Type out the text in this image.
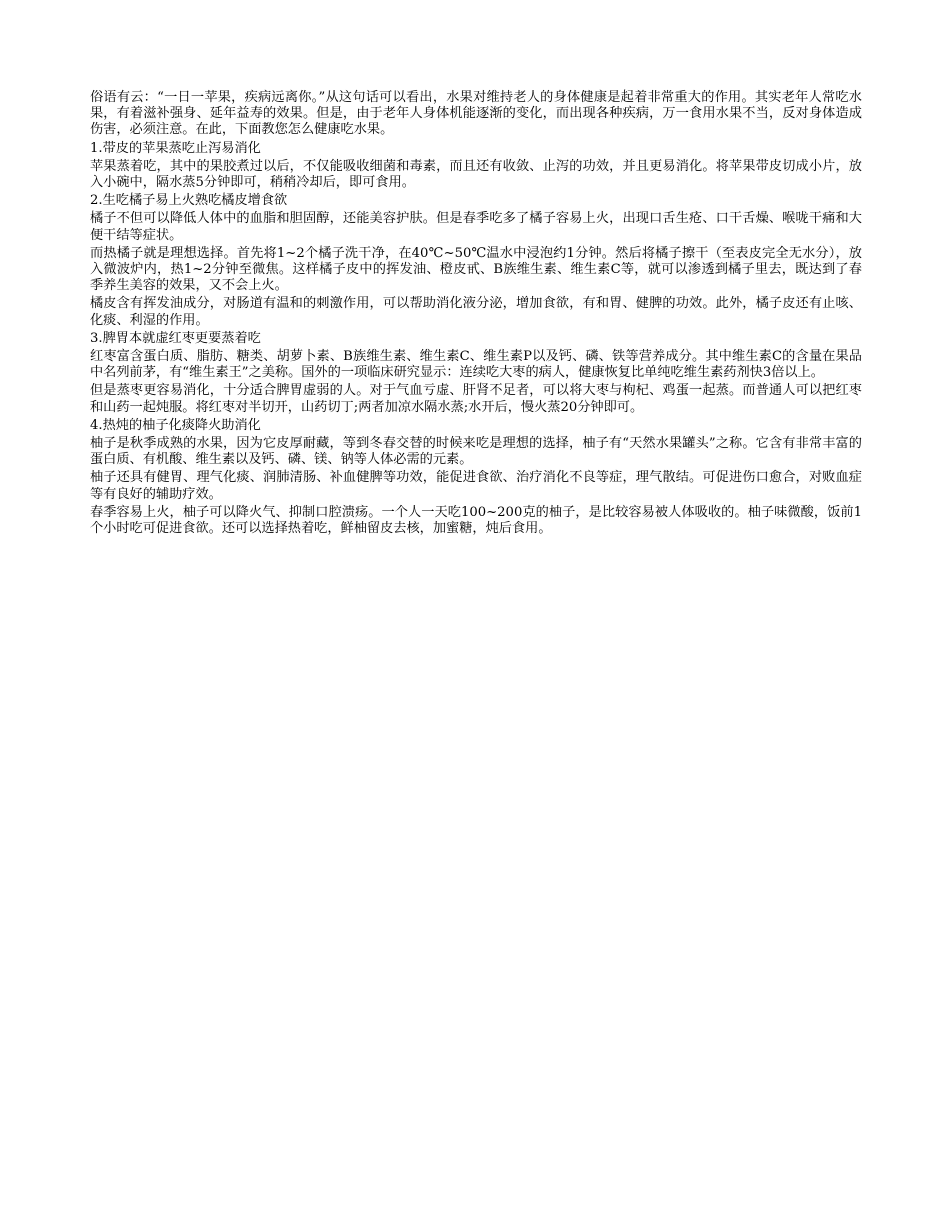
俗语有云：“一日一苹果，疾病远离你。”从这句话可以看出，水果对维持老人的身体健康是起着非常重大的作用。其实老年人常吃水果，有着滋补强身、延年益寿的效果。但是，由于老年人身体机能逐渐的变化，而出现各种疾病，万一食用水果不当，反对身体造成伤害，必须注意。在此，下面教您怎么健康吃水果。

1.带皮的苹果蒸吃止泻易消化

苹果蒸着吃，其中的果胶煮过以后，不仅能吸收细菌和毒素，而且还有收敛、止泻的功效，并且更易消化。将苹果带皮切成小片，放入小碗中，隔水蒸5分钟即可，稍稍冷却后，即可食用。

2.生吃橘子易上火熟吃橘皮增食欲

橘子不但可以降低人体中的血脂和胆固醇，还能美容护肤。但是春季吃多了橘子容易上火，出现口舌生疮、口干舌燥、喉咙干痛和大便干结等症状。

而热橘子就是理想选择。首先将1~2个橘子洗干净，在40℃~50℃温水中浸泡约1分钟。然后将橘子擦干（至表皮完全无水分），放入微波炉内，热1~2分钟至微焦。这样橘子皮中的挥发油、橙皮甙、B族维生素、维生素C等，就可以渗透到橘子里去，既达到了春季养生美容的效果，又不会上火。

橘皮含有挥发油成分，对肠道有温和的刺激作用，可以帮助消化液分泌，增加食欲，有和胃、健脾的功效。此外，橘子皮还有止咳、化痰、利湿的作用。

3.脾胃本就虚红枣更要蒸着吃

红枣富含蛋白质、脂肪、糖类、胡萝卜素、B族维生素、维生素C、维生素P以及钙、磷、铁等营养成分。其中维生素C的含量在果品中名列前茅，有“维生素王”之美称。国外的一项临床研究显示：连续吃大枣的病人，健康恢复比单纯吃维生素药剂快3倍以上。

但是蒸枣更容易消化，十分适合脾胃虚弱的人。对于气血亏虚、肝肾不足者，可以将大枣与枸杞、鸡蛋一起蒸。而普通人可以把红枣和山药一起炖服。将红枣对半切开，山药切丁;两者加凉水隔水蒸;水开后，慢火蒸20分钟即可。

4.热炖的柚子化痰降火助消化

柚子是秋季成熟的水果，因为它皮厚耐藏，等到冬春交替的时候来吃是理想的选择，柚子有“天然水果罐头”之称。它含有非常丰富的蛋白质、有机酸、维生素以及钙、磷、镁、钠等人体必需的元素。

柚子还具有健胃、理气化痰、润肺清肠、补血健脾等功效，能促进食欲、治疗消化不良等症，理气散结。可促进伤口愈合，对败血症等有良好的辅助疗效。

春季容易上火，柚子可以降火气、抑制口腔溃疡。一个人一天吃100~200克的柚子，是比较容易被人体吸收的。柚子味微酸，饭前1个小时吃可促进食欲。还可以选择热着吃，鲜柚留皮去核，加蜜糖，炖后食用。
